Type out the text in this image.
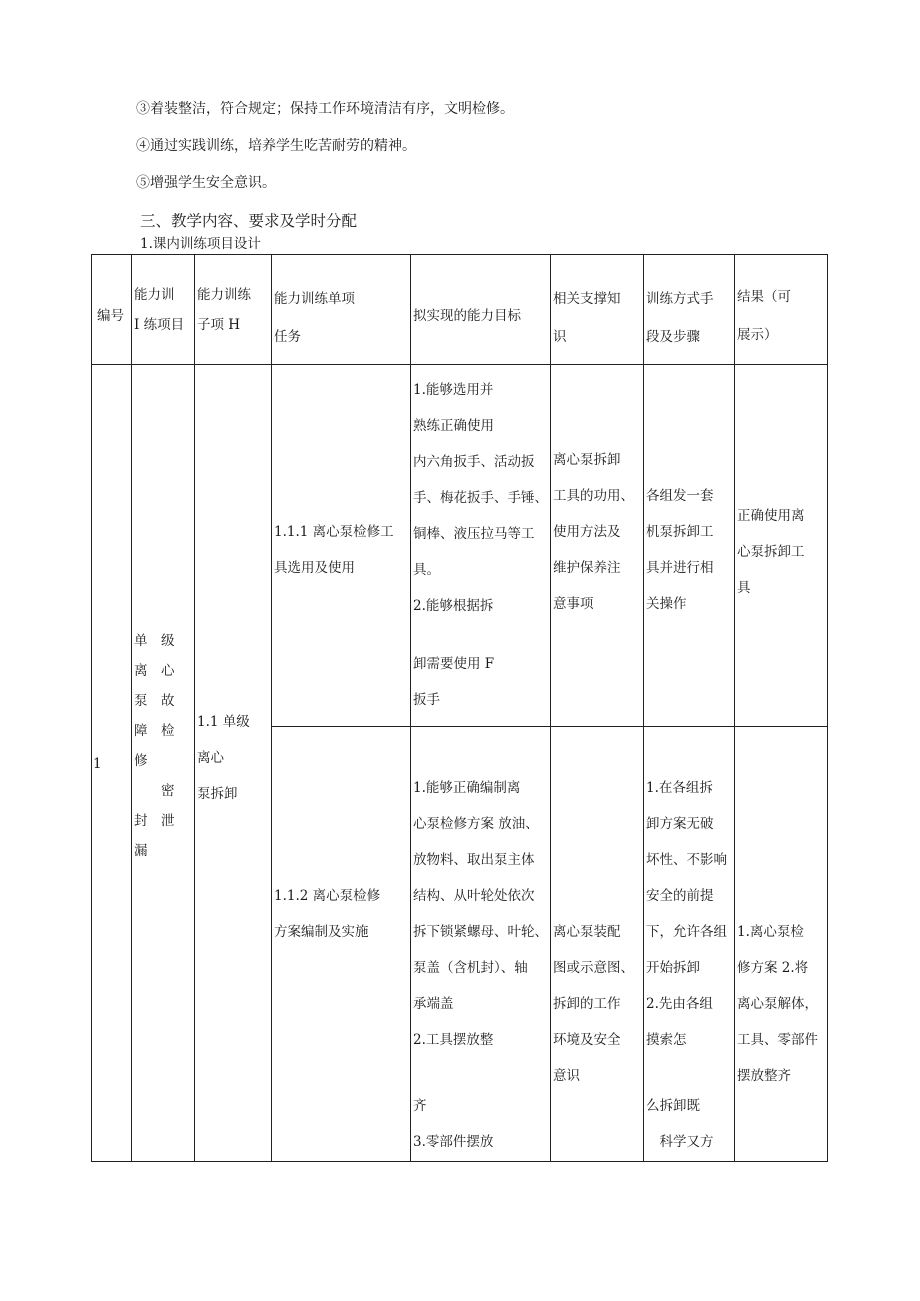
③着装整洁，符合规定；保持工作环境清洁有序，文明检修。
④通过实践训练，培养学生吃苦耐劳的精神。
⑤增强学生安全意识。
三、教学内容、要求及学时分配
1.课内训练项目设计
编号
能力训
I 练项目
能力训练
子项 H
能力训练单项
任务
拟实现的能力目标
相关支撑知
识
训练方式手
段及步骤
结果（可
展示）
1
单　级
离　心
泵　故
障　检
修
　　密
封　泄
漏
1.1 单级
离心
泵拆卸
1.1.1 离心泵检修工
具选用及使用
1.能够选用并
熟练正确使用
内六角扳手、活动扳
手、梅花扳手、手锤、
铜棒、液压拉马等工
具。
2.能够根据拆
卸需要使用 F
扳手
离心泵拆卸
工具的功用、
使用方法及
维护保养注
意事项
各组发一套
机泵拆卸工
具并进行相
关操作
正确使用离
心泵拆卸工
具
1.1.2 离心泵检修
方案编制及实施
1.能够正确编制离
心泵检修方案 放油、
放物料、取出泵主体
结构、从叶轮处依次
拆下锁紧螺母、叶轮、
泵盖（含机封）、轴
承端盖
2.工具摆放整
齐
3.零部件摆放
离心泵装配
图或示意图、
拆卸的工作
环境及安全
意识
1.在各组拆
卸方案无破
坏性、不影响
安全的前提
下，允许各组
开始拆卸
2.先由各组
摸索怎
么拆卸既
　科学又方
1.离心泵检
修方案 2.将
离心泵解体，
工具、零部件
摆放整齐
